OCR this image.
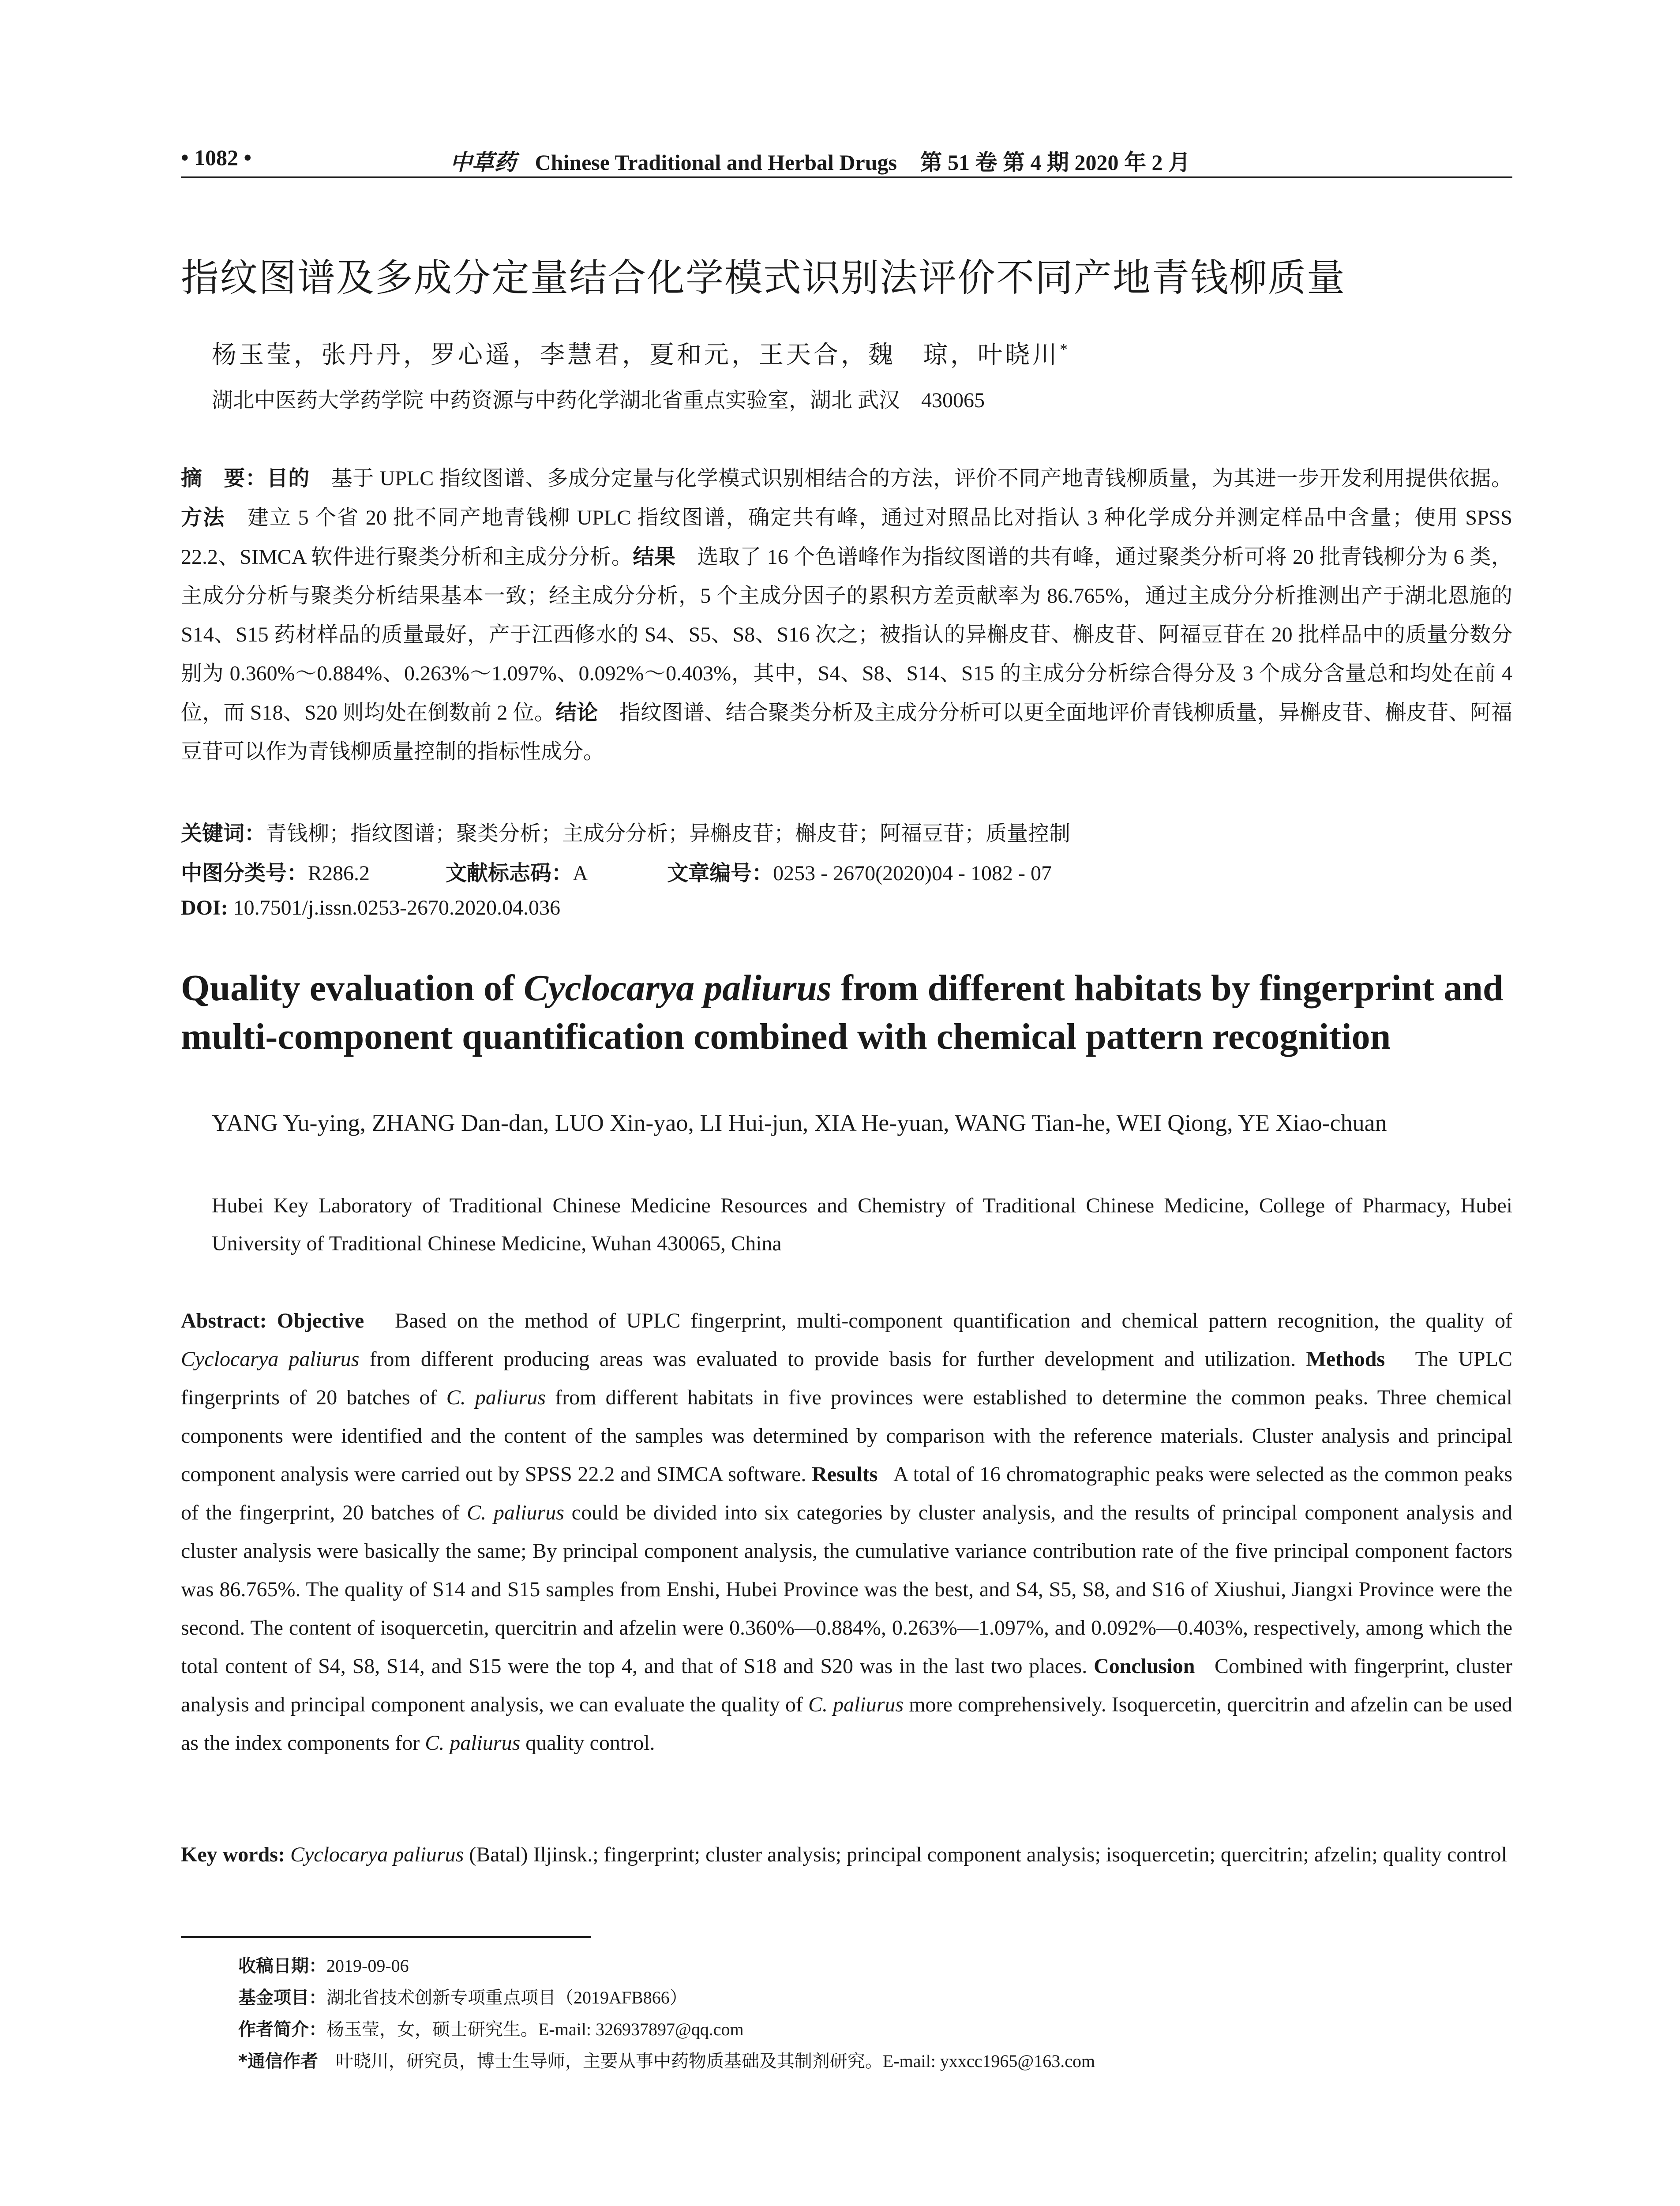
• 1082 •	中草药 Chinese Traditional and Herbal Drugs 第 51 卷 第 4 期 2020 年 2 月
指纹图谱及多成分定量结合化学模式识别法评价不同产地青钱柳质量
杨玉莹，张丹丹，罗心遥，李慧君，夏和元，王天合，魏　琼，叶晓川*
湖北中医药大学药学院 中药资源与中药化学湖北省重点实验室，湖北 武汉　430065
摘　要：目的　 基于 UPLC 指纹图谱、多成分定量与化学模式识别相结合的方法，评价不同产地青钱柳质量，为其进一步开发利用提供依据。方法　 建立 5 个省 20 批不同产地青钱柳 UPLC 指纹图谱，确定共有峰，通过对照品比对指认 3 种化学成分并测定样品中含量；使用 SPSS 22.2、SIMCA 软件进行聚类分析和主成分分析。结果　 选取了 16 个色谱峰作为指纹图谱的共有峰，通过聚类分析可将 20 批青钱柳分为 6 类，主成分分析与聚类分析结果基本一致；经主成分分析，5 个主成分因子的累积方差贡献率为 86.765%，通过主成分分析推测出产于湖北恩施的 S14、S15 药材样品的质量最好，产于江西修水的 S4、S5、S8、S16 次之；被指认的异槲皮苷、槲皮苷、阿福豆苷在 20 批样品中的质量分数分别为 0.360%～0.884%、0.263%～1.097%、0.092%～0.403%，其中，S4、S8、S14、S15 的主成分分析综合得分及 3 个成分含量总和均处在前 4 位，而 S18、S20 则均处在倒数前 2 位。结论　 指纹图谱、结合聚类分析及主成分分析可以更全面地评价青钱柳质量，异槲皮苷、槲皮苷、阿福豆苷可以作为青钱柳质量控制的指标性成分。
关键词：青钱柳；指纹图谱；聚类分析；主成分分析；异槲皮苷；槲皮苷；阿福豆苷；质量控制
中图分类号：R286.2	文献标志码：A	文章编号：0253 - 2670(2020)04 - 1082 - 07
DOI: 10.7501/j.issn.0253-2670.2020.04.036
Quality evaluation of Cyclocarya paliurus from different habitats by fingerprint and multi-component quantification combined with chemical pattern recognition
YANG Yu-ying, ZHANG Dan-dan, LUO Xin-yao, LI Hui-jun, XIA He-yuan, WANG Tian-he, WEI Qiong, YE Xiao-chuan
Hubei Key Laboratory of Traditional Chinese Medicine Resources and Chemistry of Traditional Chinese Medicine, College of Pharmacy, Hubei University of Traditional Chinese Medicine, Wuhan 430065, China
Abstract: Objective Based on the method of UPLC fingerprint, multi-component quantification and chemical pattern recognition, the quality of Cyclocarya paliurus from different producing areas was evaluated to provide basis for further development and utilization. Methods The UPLC fingerprints of 20 batches of C. paliurus from different habitats in five provinces were established to determine the common peaks. Three chemical components were identified and the content of the samples was determined by comparison with the reference materials. Cluster analysis and principal component analysis were carried out by SPSS 22.2 and SIMCA software. Results A total of 16 chromatographic peaks were selected as the common peaks of the fingerprint, 20 batches of C. paliurus could be divided into six categories by cluster analysis, and the results of principal component analysis and cluster analysis were basically the same; By principal component analysis, the cumulative variance contribution rate of the five principal component factors was 86.765%. The quality of S14 and S15 samples from Enshi, Hubei Province was the best, and S4, S5, S8, and S16 of Xiushui, Jiangxi Province were the second. The content of isoquercetin, quercitrin and afzelin were 0.360%—0.884%, 0.263%—1.097%, and 0.092%—0.403%, respectively, among which the total content of S4, S8, S14, and S15 were the top 4, and that of S18 and S20 was in the last two places. Conclusion Combined with fingerprint, cluster analysis and principal component analysis, we can evaluate the quality of C. paliurus more comprehensively. Isoquercetin, quercitrin and afzelin can be used as the index components for C. paliurus quality control.
Key words: Cyclocarya paliurus (Batal) Iljinsk.; fingerprint; cluster analysis; principal component analysis; isoquercetin; quercitrin; afzelin; quality control
收稿日期：2019-09-06
基金项目：湖北省技术创新专项重点项目（2019AFB866）
作者简介：杨玉莹，女，硕士研究生。E-mail: 326937897@qq.com
*通信作者　 叶晓川，研究员，博士生导师，主要从事中药物质基础及其制剂研究。E-mail: yxxcc1965@163.com
